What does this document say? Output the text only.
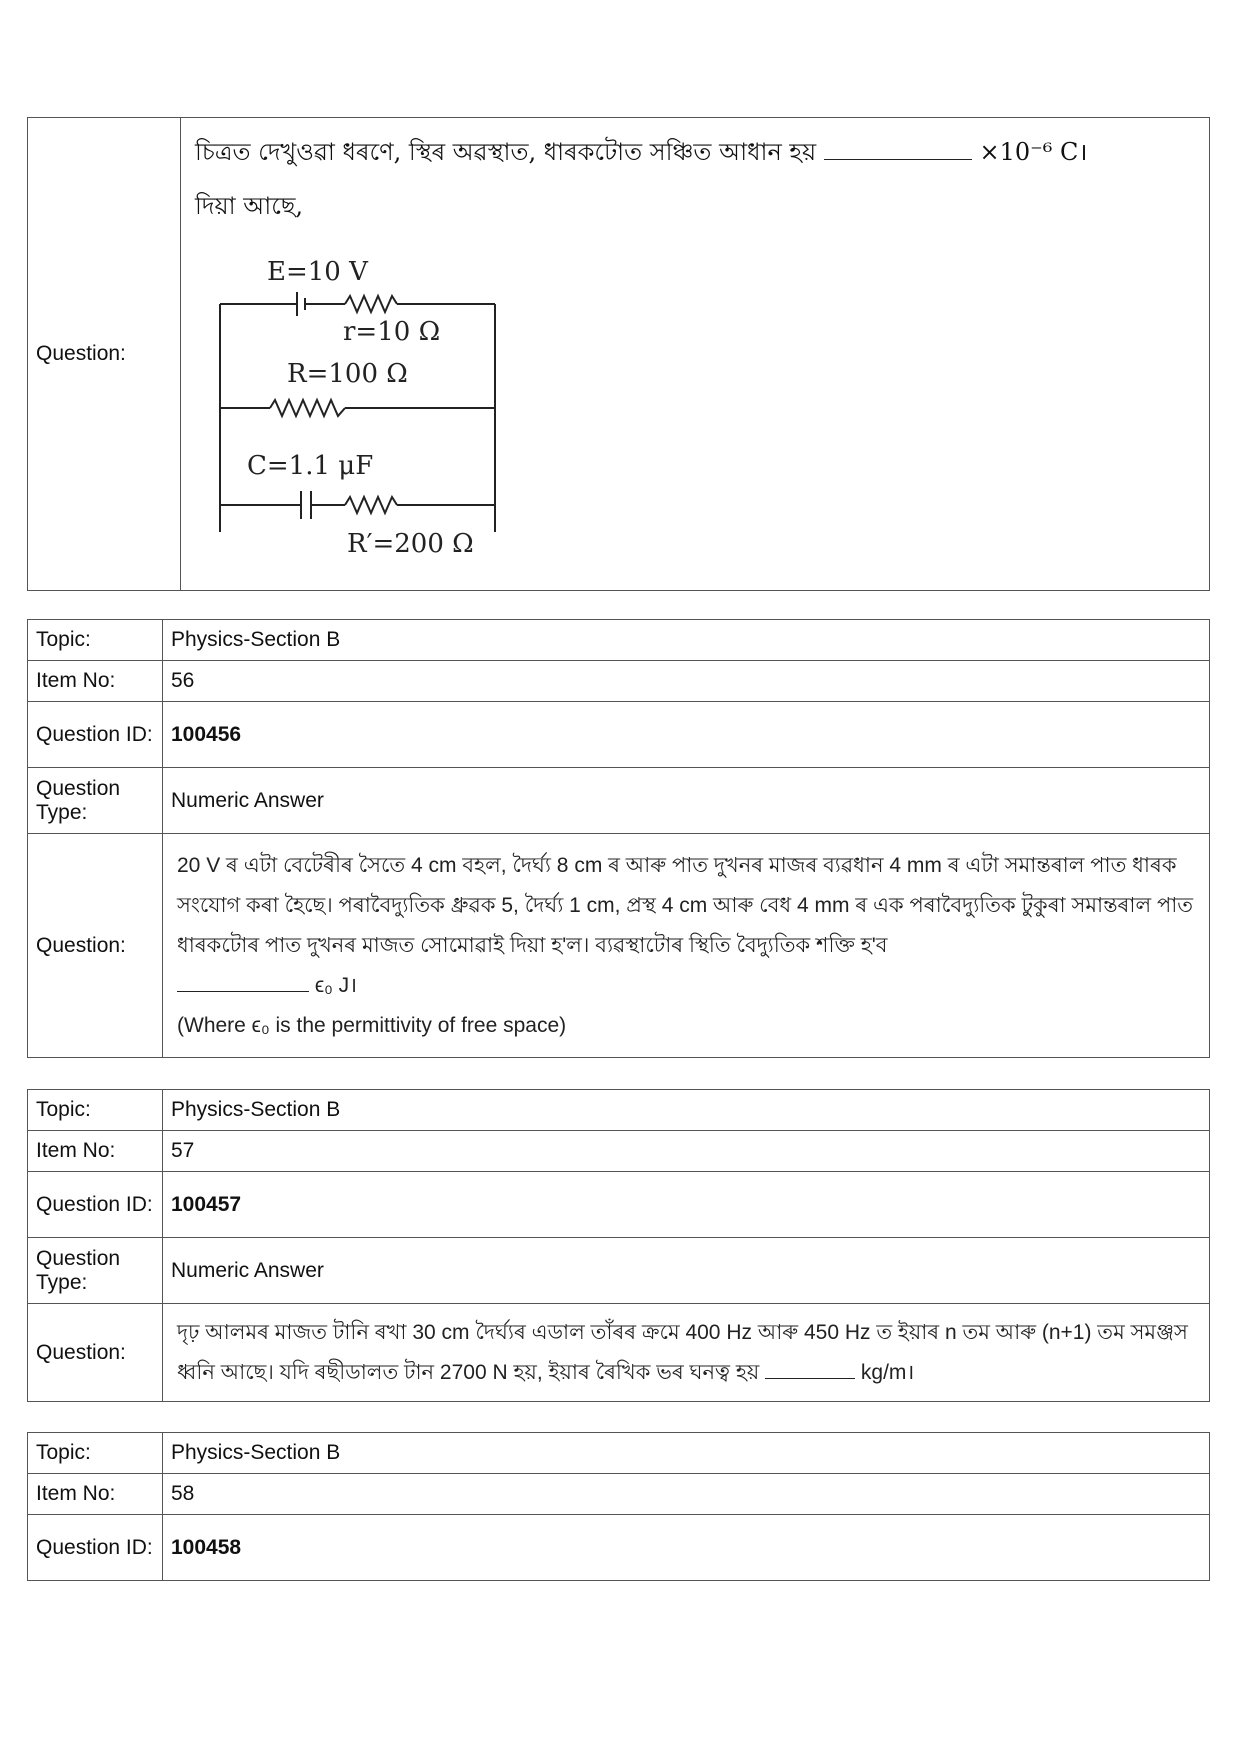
Question:	
চিত্ৰত দেখুওৱা ধৰণে, স্থিৰ অৱস্থাত, ধাৰকটোত সঞ্চিত আধান হয়	×10⁻⁶ C।
দিয়া আছে,
E=10 V
r=10 Ω
R=100 Ω
C=1.1 μF
R′=200 Ω
Topic:	Physics-Section B
Item No:	56
Question ID:	100456
Question Type:	Numeric Answer
Question:	20 V ৰ এটা বেটেৰীৰ সৈতে 4 cm বহল, দৈৰ্ঘ্য 8 cm ৰ আৰু পাত দুখনৰ মাজৰ ব্যৱধান 4 mm ৰ এটা সমান্তৰাল পাত ধাৰক সংযোগ কৰা হৈছে। পৰাবৈদ্যুতিক ধ্ৰুৱক 5, দৈৰ্ঘ্য 1 cm, প্ৰস্থ 4 cm আৰু বেধ 4 mm ৰ এক পৰাবৈদ্যুতিক টুকুৰা সমান্তৰাল পাত ধাৰকটোৰ পাত দুখনৰ মাজত সোমোৱাই দিয়া হ'ল। ব্যৱস্থাটোৰ স্থিতি বৈদ্যুতিক শক্তি হ'ব
ϵ₀ J।
(Where ϵ₀ is the permittivity of free space)
Topic:	Physics-Section B
Item No:	57
Question ID:	100457
Question Type:	Numeric Answer
Question:	দৃঢ় আলমৰ মাজত টানি ৰখা 30 cm দৈৰ্ঘ্যৰ এডাল তাঁৰৰ ক্ৰমে 400 Hz আৰু 450 Hz ত ইয়াৰ n তম আৰু (n+1) তম সমঞ্জস ধ্বনি আছে। যদি ৰছীডালত টান 2700 N হয়, ইয়াৰ ৰৈখিক ভৰ ঘনত্ব হয় kg/m।
Topic:	Physics-Section B
Item No:	58
Question ID:	100458
